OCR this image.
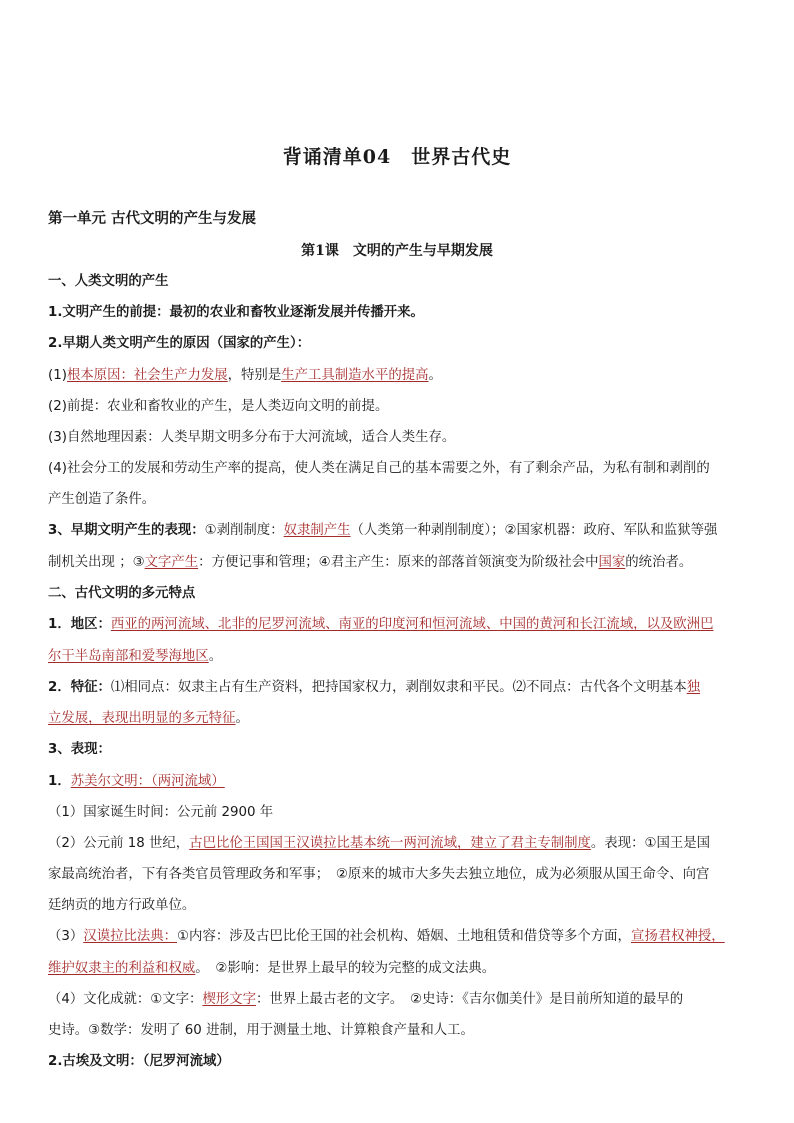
背诵清单04　世界古代史
第一单元 古代文明的产生与发展
第1课　文明的产生与早期发展
一、人类文明的产生
1.文明产生的前提：最初的农业和畜牧业逐渐发展并传播开来。
2.早期人类文明产生的原因（国家的产生）：
(1)根本原因：社会生产力发展，特别是生产工具制造水平的提高。
(2)前提：农业和畜牧业的产生，是人类迈向文明的前提。
(3)自然地理因素：人类早期文明多分布于大河流域，适合人类生存。
(4)社会分工的发展和劳动生产率的提高，使人类在满足自己的基本需要之外，有了剩余产品，为私有制和剥削的
产生创造了条件。
3、早期文明产生的表现：①剥削制度：奴隶制产生（人类第一种剥削制度）；②国家机器：政府、军队和监狱等强
制机关出现 ；③文字产生：方便记事和管理；④君主产生：原来的部落首领演变为阶级社会中国家的统治者。
二、古代文明的多元特点
1．地区：西亚的两河流域、北非的尼罗河流域、南亚的印度河和恒河流域、中国的黄河和长江流域，以及欧洲巴
尔干半岛南部和爱琴海地区。
2．特征：⑴相同点：奴隶主占有生产资料，把持国家权力，剥削奴隶和平民。⑵不同点：古代各个文明基本独
立发展，表现出明显的多元特征。
3、表现：
1．苏美尔文明：（两河流域）
（1）国家诞生时间：公元前 2900 年
（2）公元前 18 世纪，古巴比伦王国国王汉谟拉比基本统一两河流域，建立了君主专制制度。表现：①国王是国
家最高统治者，下有各类官员管理政务和军事；　②原来的城市大多失去独立地位，成为必须服从国王命令、向宫
廷纳贡的地方行政单位。
（3）汉谟拉比法典：①内容：涉及古巴比伦王国的社会机构、婚姻、土地租赁和借贷等多个方面，宣扬君权神授，
维护奴隶主的利益和权威。　②影响：是世界上最早的较为完整的成文法典。
（4）文化成就：①文字：楔形文字：世界上最古老的文字。　②史诗：《吉尔伽美什》是目前所知道的最早的
史诗。③数学：发明了 60 进制，用于测量土地、计算粮食产量和人工。
2.古埃及文明：（尼罗河流域）
